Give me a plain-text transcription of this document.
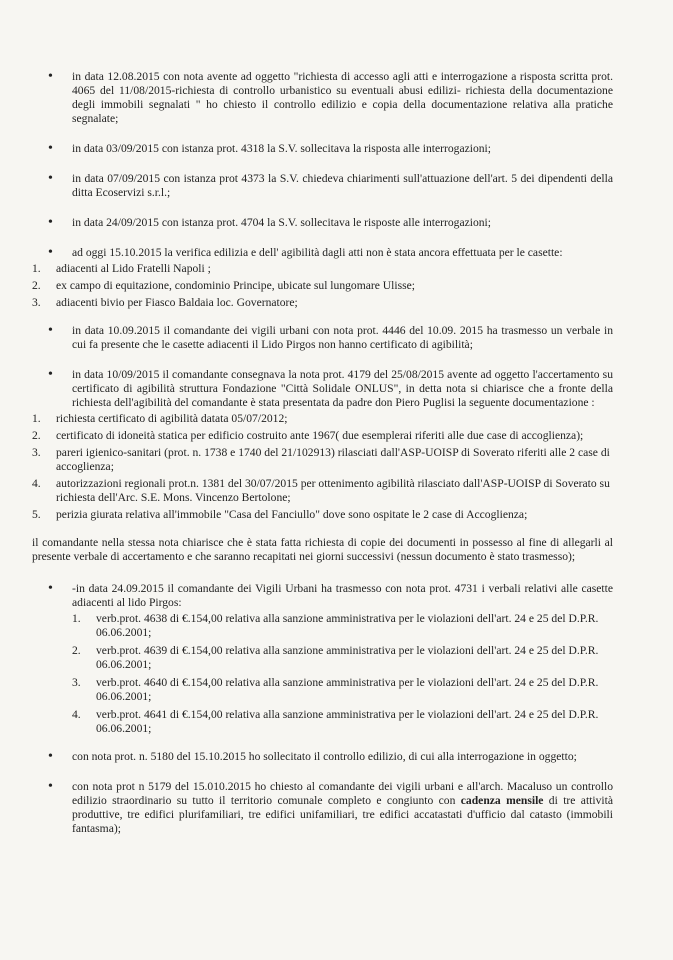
• in data 12.08.2015 con nota avente ad oggetto "richiesta di accesso agli atti e interrogazione a risposta scritta prot. 4065 del 11/08/2015-richiesta di controllo urbanistico su eventuali abusi edilizi- richiesta della documentazione degli immobili segnalati " ho chiesto il controllo edilizio e copia della documentazione relativa alla pratiche segnalate;

• in data 03/09/2015 con istanza prot. 4318 la S.V. sollecitava la risposta alle interrogazioni;

• in data 07/09/2015 con istanza prot 4373 la S.V. chiedeva chiarimenti sull'attuazione dell'art. 5 dei dipendenti della ditta Ecoservizi s.r.l.;

• in data 24/09/2015 con istanza prot. 4704 la S.V. sollecitava le risposte alle interrogazioni;

• ad oggi 15.10.2015 la verifica edilizia e dell' agibilità dagli atti non è stata ancora effettuata per le casette:

1. adiacenti al Lido Fratelli Napoli ;
2. ex campo di equitazione, condominio Principe, ubicate sul lungomare Ulisse;
3. adiacenti bivio per Fiasco Baldaia loc. Governatore;
• in data 10.09.2015 il comandante dei vigili urbani con nota prot. 4446 del 10.09. 2015 ha trasmesso un verbale in cui fa presente che le casette adiacenti il Lido Pirgos non hanno certificato di agibilità;

• in data 10/09/2015 il comandante consegnava la nota prot. 4179 del 25/08/2015 avente ad oggetto l'accertamento su certificato di agibilità struttura Fondazione "Città Solidale ONLUS", in detta nota si chiarisce che a fronte della richiesta dell'agibilità del comandante è stata presentata da padre don Piero Puglisi la seguente documentazione :

1. richiesta certificato di agibilità datata 05/07/2012;
2. certificato di idoneità statica per edificio costruito ante 1967( due esemplerai riferiti alle due case di accoglienza);
3. pareri igienico-sanitari (prot. n. 1738 e 1740 del 21/102913) rilasciati dall'ASP-UOISP di Soverato riferiti alle 2 case di accoglienza;
4. autorizzazioni regionali prot.n. 1381 del 30/07/2015 per ottenimento agibilità rilasciato dall'ASP-UOISP di Soverato su richiesta dell'Arc. S.E. Mons. Vincenzo Bertolone;
5. perizia giurata relativa all'immobile "Casa del Fanciullo" dove sono ospitate le 2 case di Accoglienza;

il comandante nella stessa nota chiarisce che è stata fatta richiesta di copie dei documenti in possesso al fine di allegarli al presente verbale di accertamento e che saranno recapitati nei giorni successivi (nessun documento è stato trasmesso);

• -in data 24.09.2015 il comandante dei Vigili Urbani ha trasmesso con nota prot. 4731 i verbali relativi alle casette adiacenti al lido Pirgos:

1. verb.prot. 4638 di €.154,00 relativa alla sanzione amministrativa per le violazioni dell'art. 24 e 25 del D.P.R. 06.06.2001;
2. verb.prot. 4639 di €.154,00 relativa alla sanzione amministrativa per le violazioni dell'art. 24 e 25 del D.P.R. 06.06.2001;
3. verb.prot. 4640 di €.154,00 relativa alla sanzione amministrativa per le violazioni dell'art. 24 e 25 del D.P.R. 06.06.2001;
4. verb.prot. 4641 di €.154,00 relativa alla sanzione amministrativa per le violazioni dell'art. 24 e 25 del D.P.R. 06.06.2001;
• con nota prot. n. 5180 del 15.10.2015 ho sollecitato il controllo edilizio, di cui alla interrogazione in oggetto;

• con nota prot n 5179 del 15.010.2015 ho chiesto al comandante dei vigili urbani e all'arch. Macaluso un controllo edilizio straordinario su tutto il territorio comunale completo e congiunto con cadenza mensile di tre attività produttive, tre edifici plurifamiliari, tre edifici unifamiliari, tre edifici accatastati d'ufficio dal catasto (immobili fantasma);
